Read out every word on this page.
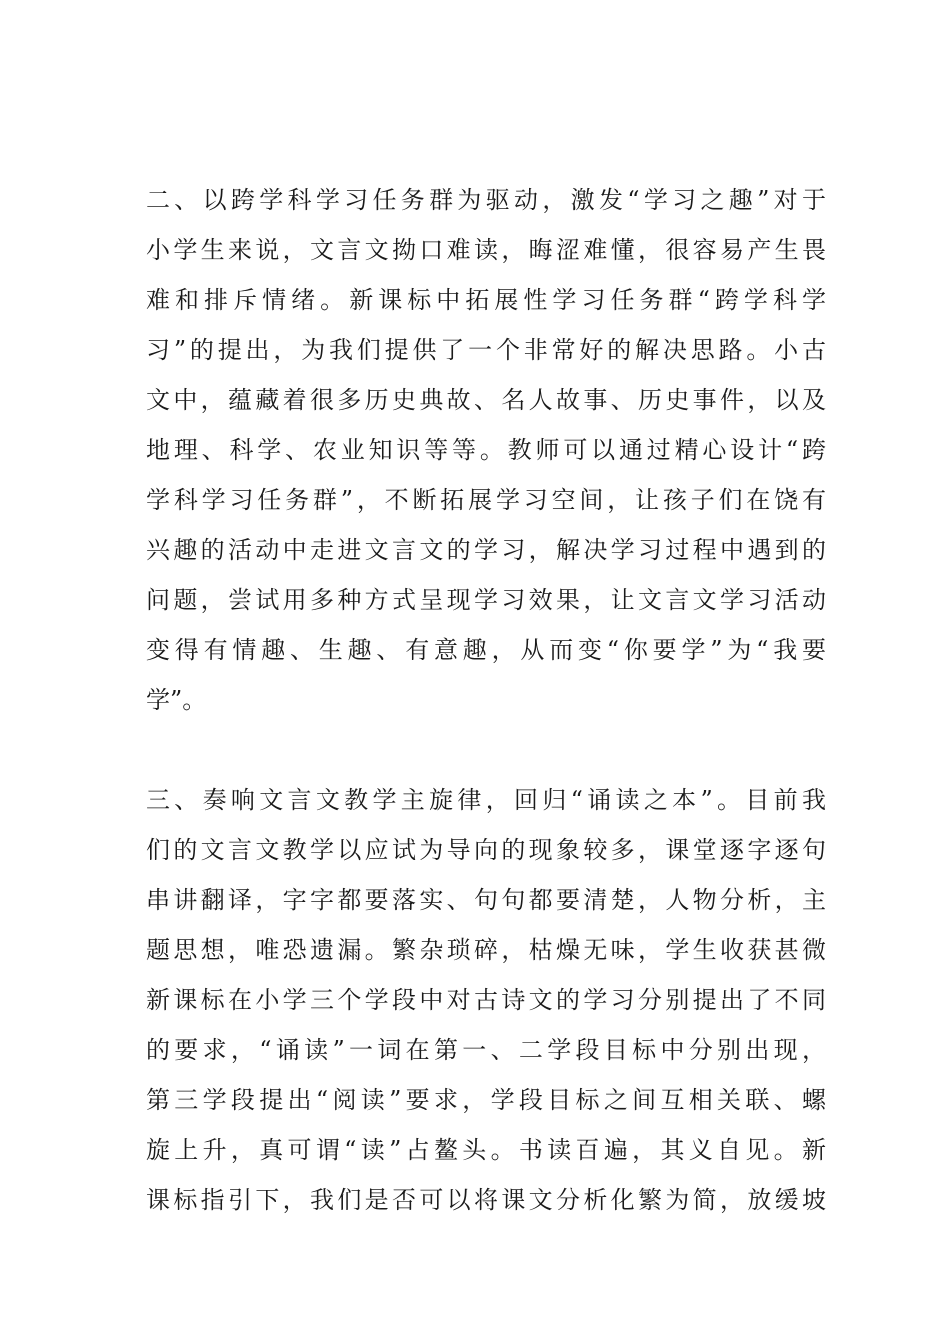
二、以跨学科学习任务群为驱动，激发“学习之趣”对于
小学生来说，文言文拗口难读，晦涩难懂，很容易产生畏
难和排斥情绪。新课标中拓展性学习任务群“跨学科学
习”的提出，为我们提供了一个非常好的解决思路。小古
文中，蕴藏着很多历史典故、名人故事、历史事件，以及
地理、科学、农业知识等等。教师可以通过精心设计“跨
学科学习任务群”，不断拓展学习空间，让孩子们在饶有
兴趣的活动中走进文言文的学习，解决学习过程中遇到的
问题，尝试用多种方式呈现学习效果，让文言文学习活动
变得有情趣、生趣、有意趣，从而变“你要学”为“我要
学”。
三、奏响文言文教学主旋律，回归“诵读之本”。目前我
们的文言文教学以应试为导向的现象较多，课堂逐字逐句
串讲翻译，字字都要落实、句句都要清楚，人物分析，主
题思想，唯恐遗漏。繁杂琐碎，枯燥无味，学生收获甚微
新课标在小学三个学段中对古诗文的学习分别提出了不同
的要求，“诵读”一词在第一、二学段目标中分别出现，
第三学段提出“阅读”要求，学段目标之间互相关联、螺
旋上升，真可谓“读”占鳌头。书读百遍，其义自见。新
课标指引下，我们是否可以将课文分析化繁为简，放缓坡
